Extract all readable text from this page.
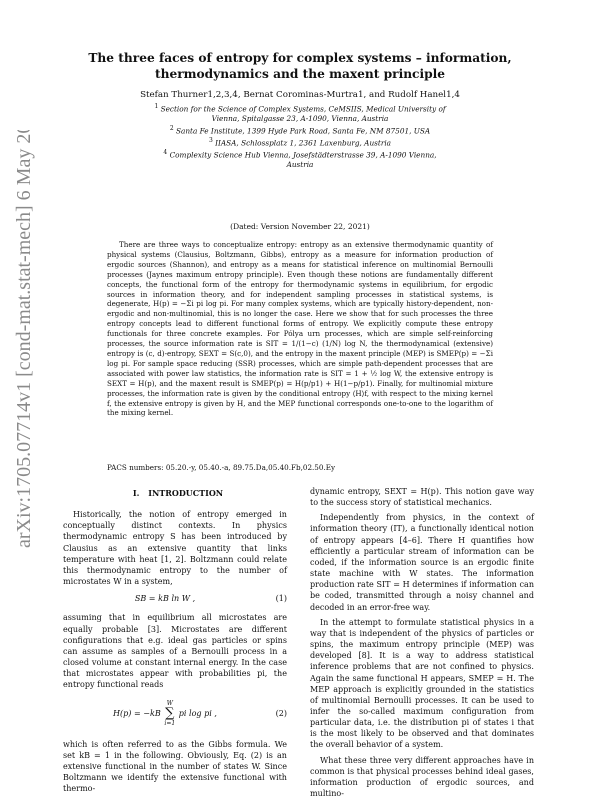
arXiv:1705.07714v1 [cond-mat.stat-mech] 6 May 2017
The three faces of entropy for complex systems – information, thermodynamics and the maxent principle
Stefan Thurner1,2,3,4, Bernat Corominas-Murtra1, and Rudolf Hanel1,4

$^1$ Section for the Science of Complex Systems, CeMSIIS, Medical University of Vienna, Spitalgasse 23, A-1090, Vienna, Austria

$^2$ Santa Fe Institute, 1399 Hyde Park Road, Santa Fe, NM 87501, USA

$^3$ IIASA, Schlossplatz 1, 2361 Laxenburg, Austria

$^4$ Complexity Science Hub Vienna, Josefstädterstrasse 39, A-1090 Vienna, Austria

(Dated: Version November 22, 2021)
There are three ways to conceptualize entropy: entropy as an extensive thermodynamic quantity of physical systems (Clausius, Boltzmann, Gibbs), entropy as a measure for information production of ergodic sources (Shannon), and entropy as a means for statistical inference on multinomial Bernoulli processes (Jaynes maximum entropy principle). Even though these notions are fundamentally different concepts, the functional form of the entropy for thermodynamic systems in equilibrium, for ergodic sources in information theory, and for independent sampling processes in statistical systems, is degenerate, H(p) = −Σi pi log pi. For many complex systems, which are typically history-dependent, non-ergodic and non-multinomial, this is no longer the case. Here we show that for such processes the three entropy concepts lead to different functional forms of entropy. We explicitly compute these entropy functionals for three concrete examples. For Pólya urn processes, which are simple self-reinforcing processes, the source information rate is SIT = 1/(1−c) (1/N) log N, the thermodynamical (extensive) entropy is (c, d)-entropy, SEXT = S(c,0), and the entropy in the maxent principle (MEP) is SMEP(p) = −Σi log pi. For sample space reducing (SSR) processes, which are simple path-dependent processes that are associated with power law statistics, the information rate is SIT = 1 + ½ log W, the extensive entropy is SEXT = H(p), and the maxent result is SMEP(p) = H(p/p1) + H(1−p/p1). Finally, for multinomial mixture processes, the information rate is given by the conditional entropy ⟨H⟩f, with respect to the mixing kernel f, the extensive entropy is given by H, and the MEP functional corresponds one-to-one to the logarithm of the mixing kernel.
PACS numbers: 05.20.-y, 05.40.-a, 89.75.Da,05.40.Fb,02.50.Ey
I. INTRODUCTION

Historically, the notion of entropy emerged in conceptually distinct contexts. In physics thermodynamic entropy S has been introduced by Clausius as an extensive quantity that links temperature with heat [1, 2]. Boltzmann could relate this thermodynamic entropy to the number of microstates W in a system,

SB = kB ln W ,	(1)

assuming that in equilibrium all microstates are equally probable [3]. Microstates are different configurations that e.g. ideal gas particles or spins can assume as samples of a Bernoulli process in a closed volume at constant internal energy. In the case that microstates appear with probabilities pi, the entropy functional reads

H(p) = −kB
W
∑
i=1
pi log pi ,	(2)

which is often referred to as the Gibbs formula. We set kB = 1 in the following. Obviously, Eq. (2) is an extensive functional in the number of states W. Since Boltzmann we identify the extensive functional with thermo-

dynamic entropy, SEXT = H(p). This notion gave way to the success story of statistical mechanics.

Independently from physics, in the context of information theory (IT), a functionally identical notion of entropy appears [4–6]. There H quantifies how efficiently a particular stream of information can be coded, if the information source is an ergodic finite state machine with W states. The information production rate SIT = H determines if information can be coded, transmitted through a noisy channel and decoded in an error-free way.

In the attempt to formulate statistical physics in a way that is independent of the physics of particles or spins, the maximum entropy principle (MEP) was developed [8]. It is a way to address statistical inference problems that are not confined to physics. Again the same functional H appears, SMEP = H. The MEP approach is explicitly grounded in the statistics of multinomial Bernoulli processes. It can be used to infer the so-called maximum configuration from particular data, i.e. the distribution pi of states i that is the most likely to be observed and that dominates the overall behavior of a system.

What these three very different approaches have in common is that physical processes behind ideal gases, information production of ergodic sources, and multino-
